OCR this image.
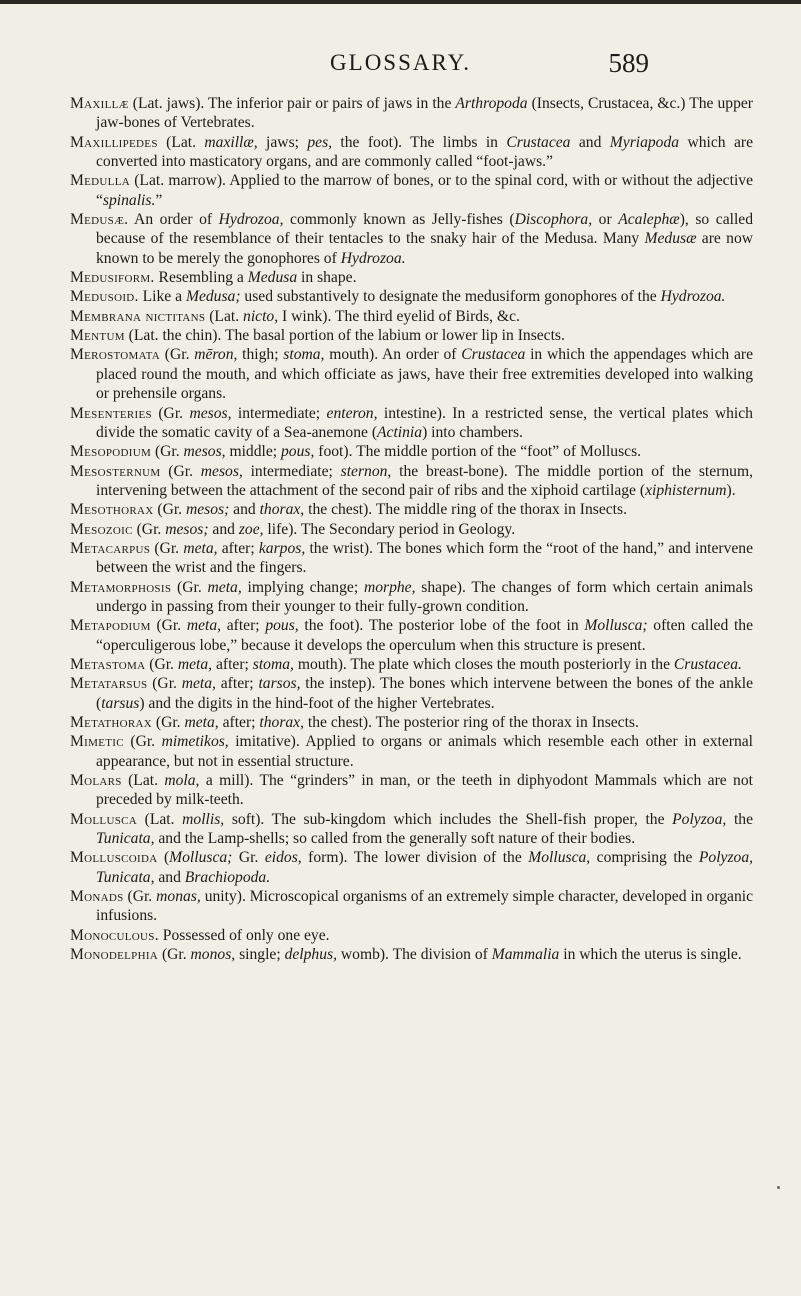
GLOSSARY.	589

Maxillæ (Lat. jaws). The inferior pair or pairs of jaws in the Arthropoda (Insects, Crustacea, &c.) The upper jaw-bones of Vertebrates.

Maxillipedes (Lat. maxillæ, jaws; pes, the foot). The limbs in Crustacea and Myriapoda which are converted into masticatory organs, and are commonly called “foot-jaws.”

Medulla (Lat. marrow). Applied to the marrow of bones, or to the spinal cord, with or without the adjective “spinalis.”

Medusæ. An order of Hydrozoa, commonly known as Jelly-fishes (Discophora, or Acalephæ), so called because of the resemblance of their tentacles to the snaky hair of the Medusa. Many Medusæ are now known to be merely the gonophores of Hydrozoa.

Medusiform. Resembling a Medusa in shape.

Medusoid. Like a Medusa; used substantively to designate the medusiform gonophores of the Hydrozoa.

Membrana nictitans (Lat. nicto, I wink). The third eyelid of Birds, &c.

Mentum (Lat. the chin). The basal portion of the labium or lower lip in Insects.

Merostomata (Gr. mēron, thigh; stoma, mouth). An order of Crustacea in which the appendages which are placed round the mouth, and which officiate as jaws, have their free extremities developed into walking or prehensile organs.

Mesenteries (Gr. mesos, intermediate; enteron, intestine). In a restricted sense, the vertical plates which divide the somatic cavity of a Sea-anemone (Actinia) into chambers.

Mesopodium (Gr. mesos, middle; pous, foot). The middle portion of the “foot” of Molluscs.

Mesosternum (Gr. mesos, intermediate; sternon, the breast-bone). The middle portion of the sternum, intervening between the attachment of the second pair of ribs and the xiphoid cartilage (xiphisternum).

Mesothorax (Gr. mesos; and thorax, the chest). The middle ring of the thorax in Insects.

Mesozoic (Gr. mesos; and zoe, life). The Secondary period in Geology.

Metacarpus (Gr. meta, after; karpos, the wrist). The bones which form the “root of the hand,” and intervene between the wrist and the fingers.

Metamorphosis (Gr. meta, implying change; morphe, shape). The changes of form which certain animals undergo in passing from their younger to their fully-grown condition.

Metapodium (Gr. meta, after; pous, the foot). The posterior lobe of the foot in Mollusca; often called the “operculigerous lobe,” because it develops the operculum when this structure is present.

Metastoma (Gr. meta, after; stoma, mouth). The plate which closes the mouth posteriorly in the Crustacea.

Metatarsus (Gr. meta, after; tarsos, the instep). The bones which intervene between the bones of the ankle (tarsus) and the digits in the hind-foot of the higher Vertebrates.

Metathorax (Gr. meta, after; thorax, the chest). The posterior ring of the thorax in Insects.

Mimetic (Gr. mimetikos, imitative). Applied to organs or animals which resemble each other in external appearance, but not in essential structure.

Molars (Lat. mola, a mill). The “grinders” in man, or the teeth in diphyodont Mammals which are not preceded by milk-teeth.

Mollusca (Lat. mollis, soft). The sub-kingdom which includes the Shell-fish proper, the Polyzoa, the Tunicata, and the Lamp-shells; so called from the generally soft nature of their bodies.

Molluscoida (Mollusca; Gr. eidos, form). The lower division of the Mollusca, comprising the Polyzoa, Tunicata, and Brachiopoda.

Monads (Gr. monas, unity). Microscopical organisms of an extremely simple character, developed in organic infusions.

Monoculous. Possessed of only one eye.

Monodelphia (Gr. monos, single; delphus, womb). The division of Mammalia in which the uterus is single.
